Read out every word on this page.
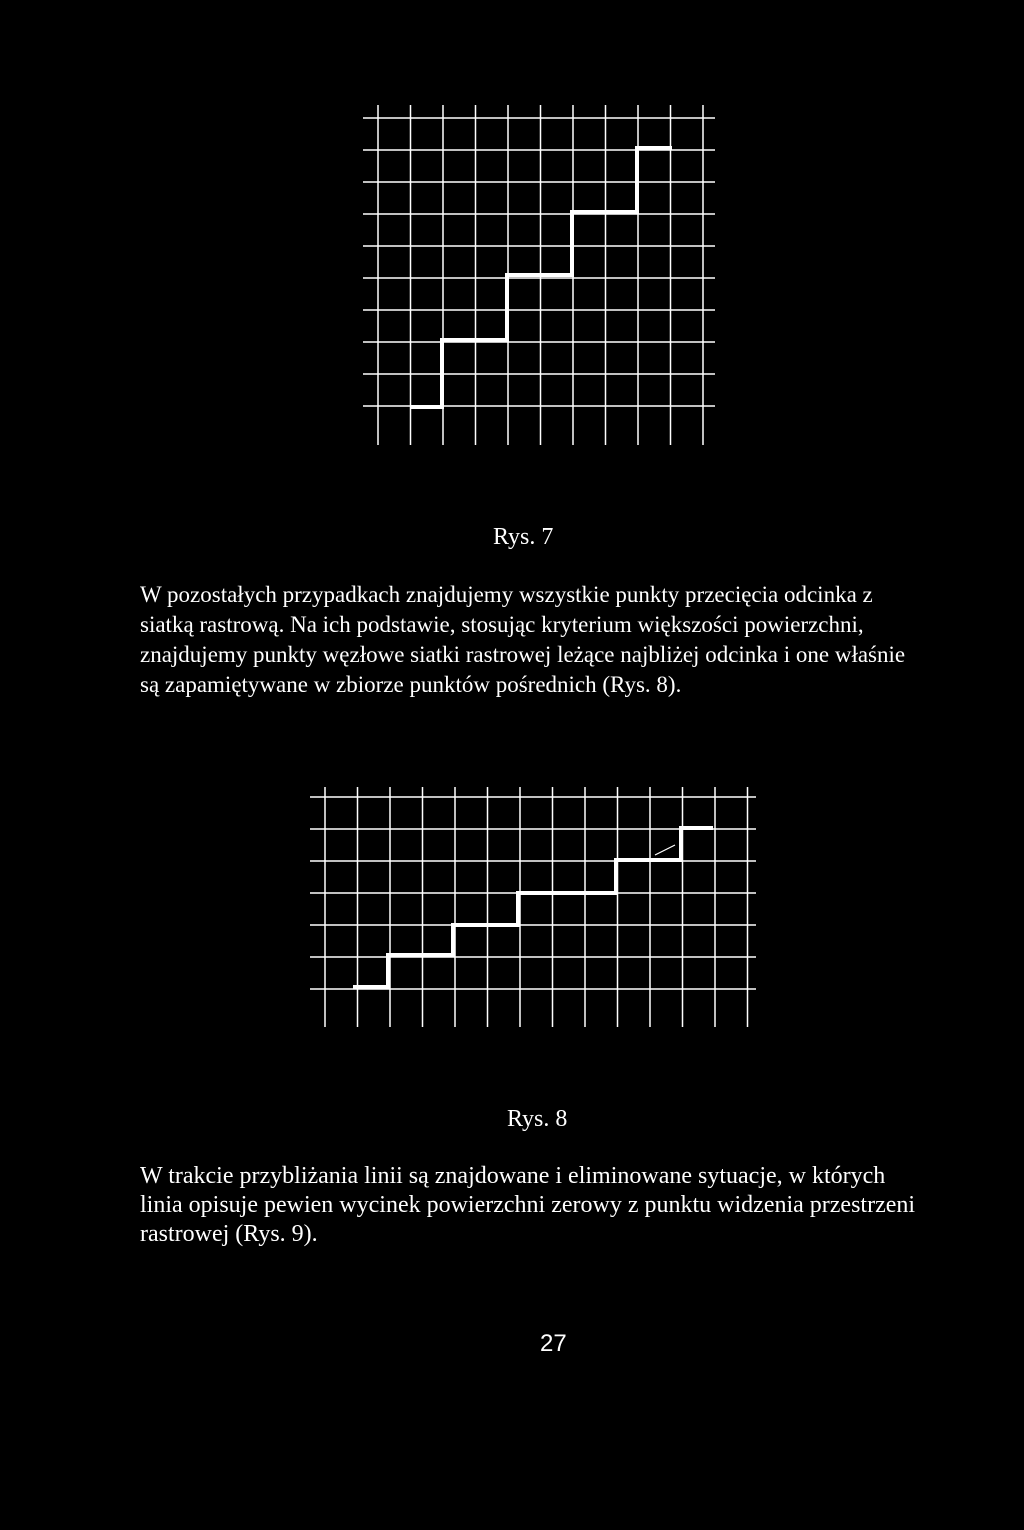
Rys. 7

W pozostałych przypadkach znajdujemy wszystkie punkty przecięcia odcinka z siatką rastrową. Na ich podstawie, stosując kryterium większości powierzchni, znajdujemy punkty węzłowe siatki rastrowej leżące najbliżej odcinka i one właśnie są zapamiętywane w zbiorze punktów pośrednich (Rys. 8).

Rys. 8

W trakcie przybliżania linii są znajdowane i eliminowane sytuacje, w których linia opisuje pewien wycinek powierzchni zerowy z punktu widzenia przestrzeni rastrowej (Rys. 9).

27
